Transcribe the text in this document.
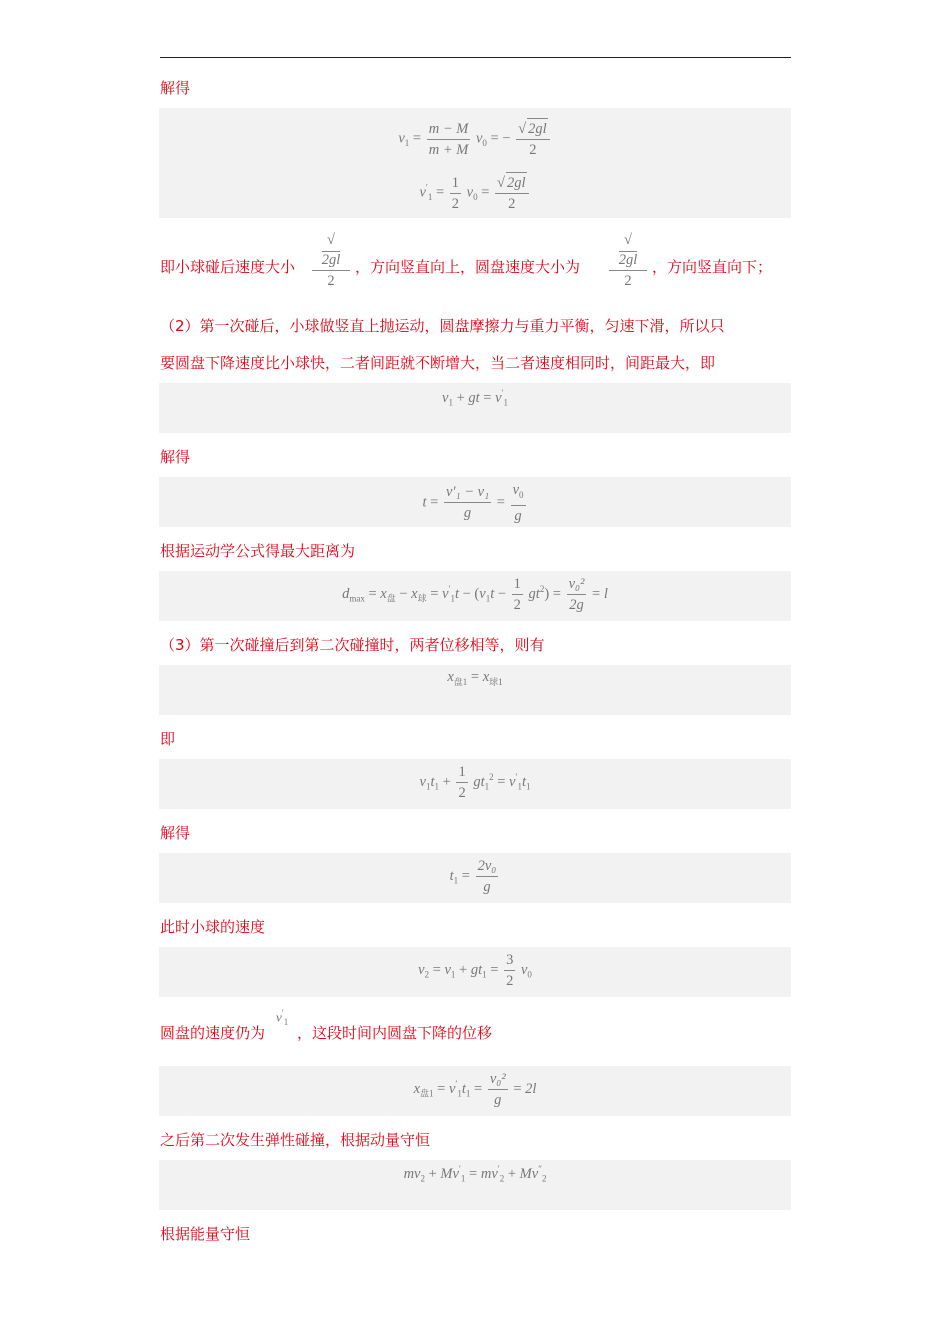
解得
$v_1 = \frac{m - M}{m + M} v_0$ = − $\frac{√ 2gl}{2}$
$v'_1 = \frac{1}{2} v_0 = \frac{√ 2gl}{2}$
即小球碰后速度大小
√
2gl
2
，方向竖直向上，圆盘速度大小为
√
2gl
2
，方向竖直向下；
（2）第一次碰后，小球做竖直上抛运动，圆盘摩擦力与重力平衡，匀速下滑，所以只
要圆盘下降速度比小球快，二者间距就不断增大，当二者速度相同时，间距最大，即
$v_1$ + gt = $v'_1$
解得
$t = \frac{\text{v′₁ − v₁}}{g} = \frac{v_0}{g}$
根据运动学公式得最大距离为
$d_{max} = x_盘 - x_球 = v'_1t - (v_1t - \frac{1}{2} gt^2) = \frac{\text{v₀²}}{2g} = l$
（3）第一次碰撞后到第二次碰撞时，两者位移相等，则有
$x_{盘1} = x_{球1}$
即
$v_1t_1 + \frac{1}{2} gt_1^2 = v'_1t_1$
解得
$t_1 = \frac{\text{2v₀}}{g}$
此时小球的速度
$v_2 = v_1 + gt_1 = \frac{3}{2} v_0$
圆盘的速度仍为
$v'_1$
，这段时间内圆盘下降的位移
$x_{盘1} = v'_1t_1 = \frac{\text{v₀²}}{g} = 2l$
之后第二次发生弹性碰撞，根据动量守恒
$mv_2 + Mv'_1 = mv'_2 + Mv''_2$
根据能量守恒
